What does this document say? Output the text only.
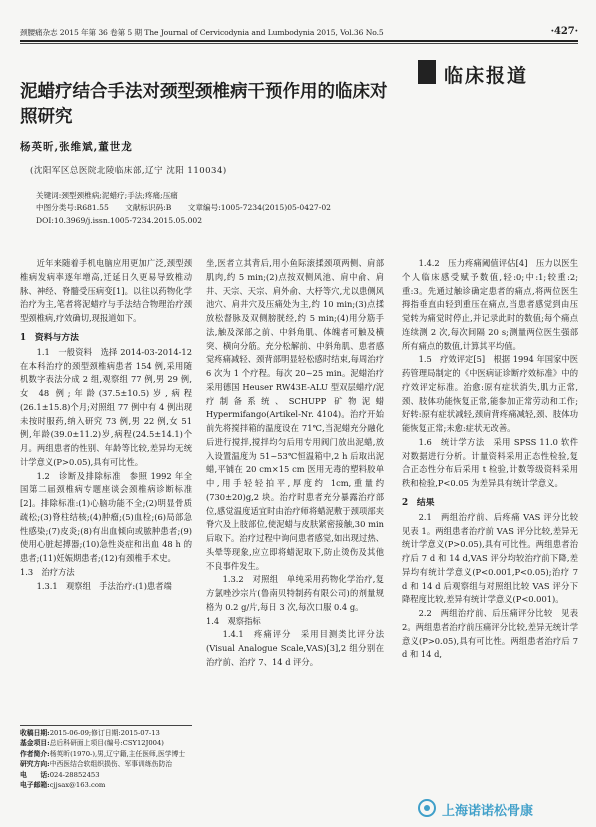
颈腰痛杂志 2015 年第 36 卷第 5 期 The Journal of Cervicodynia and Lumbodynia 2015, Vol.36 No.5	·427·
临床报道
泥蜡疗结合手法对颈型颈椎病干预作用的临床对照研究
杨英昕,张维斌,董世龙
(沈阳军区总医院北陵临床部,辽宁 沈阳 110034)
关键词:颈型颈椎病;泥蜡疗;手法;疼痛;压痛
中图分类号:R681.55 文献标识码:B 文章编号:1005-7234(2015)05-0427-02
DOI:10.3969/j.issn.1005-7234.2015.05.002

近年来随着手机电脑应用更加广泛,颈型颈椎病发病率逐年增高,迁延日久更易导致椎动脉、神经、脊髓受压病变[1]。以往以药物化学治疗为主,笔者将泥蜡疗与手法结合物理治疗颈型颈椎病,疗效确切,现报道如下。

1　资料与方法

1.1　一般资料　 选择 2014-03-2014-12 在本科治疗的颈型颈椎病患者 154 例,采用随机数字表法分成 2 组,观察组 77 例,男 29 例,女 48 例;年龄(37.5±10.5)岁,病程(26.1±15.8)个月;对照组 77 例中有 4 例出现未按时服药,纳入研究 73 例,男 22 例,女 51 例,年龄(39.0±11.2)岁,病程(24.5±14.1)个月。两组患者的性别、年龄等比较,差异均无统计学意义(P>0.05),具有可比性。

1.2　诊断及排除标准　 参照 1992 年全国第二届颈椎病专题座谈会颈椎病诊断标准[2]。排除标准:(1)心脑功能不全;(2)明显骨质疏松;(3)脊柱结核;(4)肿瘤;(5)血栓;(6)局部急性感染;(7)皮炎;(8)有出血倾向或脓肿患者;(9)使用心脏起搏器;(10)急性炎症和出血 48 h 的患者;(11)妊娠期患者;(12)有颈椎手术史。

1.3　治疗方法

1.3.1　观察组　手法治疗:(1)患者端

收稿日期:2015-06-09;修订日期:2015-07-13
基金项目:总后科研面上项目(编号:CSY12J004)
作者简介:杨英昕(1970-),男,辽宁籍,主任医师,医学博士
研究方向:中西医结合软组织损伤、军事训练伤防治
电　　 话:024-28852453
电子邮箱:cjjsax@163.com

坐,医者立其背后,用小鱼际滚揉颈项两侧、肩部肌肉,约 5 min;(2)点按双侧风池、肩中俞、肩井、天宗、天宗、肩外俞、大杼等穴,尤以患侧风池穴、肩井穴及压痛处为主,约 10 min;(3)点揉放松督脉及双侧膀胱经,约 5 min;(4)用分筋手法,触及深部之前、中斜角肌、体魄者可触及横突、横向分筋。充分松解前、中斜角肌、患者感觉疼痛减轻、颈背部明显轻松感时结束,每周治疗 6 次为 1 个疗程。每次 20~25 min。泥蜡治疗采用德国 Heuser RW43E-ALU 型双层蜡疗/泥疗制备系统、SCHUPP 矿物泥蜡 Hypermifango(Artikel-Nr. 4104)。治疗开始前先将搅拌箱的温度设在 71℃,当泥蜡充分融化后进行搅拌,搅拌均匀后用专用阀门放出泥蜡,放入设置温度为 51~53℃恒温箱中,2 h 后取出泥蜡,平铺在 20 cm×15 cm 医用无毒的塑料胶单中,用手轻轻拍平,厚度约 1cm,重量约(730±20)g,2 块。治疗时患者充分暴露治疗部位,感觉温度适宜时由治疗师将蜡泥敷于颈项部夹脊穴及上肢部位,使泥蜡与皮肤紧密接触,30 min 后取下。治疗过程中询问患者感觉,如出现过热、头晕等现象,应立即将蜡泥取下,防止烫伤及其他不良事件发生。

1.3.2　对照组　单纯采用药物化学治疗,复方氯唑沙宗片(鲁南贝特制药有限公司)的剂量规格为 0.2 g/片,每日 3 次,每次口服 0.4 g。

1.4　观察指标

1.4.1　疼痛评分　采用目测类比评分法(Visual Analogue Scale,VAS)[3],2 组分别在治疗前、治疗 7、14 d 评分。

1.4.2　压力疼痛阈值评估[4]　压力以医生个人临床感受赋予数值,轻:0;中:1;较重:2;重:3。先通过触诊确定患者的痛点,将两位医生拇指垂直由轻到重压在痛点,当患者感觉到由压觉转为痛觉时停止,并记录此时的数值;每个痛点连续测 2 次,每次间隔 20 s;测量两位医生强部所有痛点的数值,计算其平均值。

1.5　疗效评定[5]　 根据 1994 年国家中医药管理局制定的《中医病证诊断疗效标准》中的疗效评定标准。治愈:原有症状消失,肌力正常,颈、肢体功能恢复正常,能参加正常劳动和工作;好转:原有症状减轻,颈肩背疼痛减轻,颈、肢体功能恢复正常;未愈:症状无改善。

1.6　统计学方法　 采用 SPSS 11.0 软件对数据进行分析。计量资料采用正态性检验,复合正态性分布后采用 t 检验,计数等级资料采用秩和检验,P<0.05 为差异具有统计学意义。

2　结果

2.1　两组治疗前、后疼痛 VAS 评分比较　见表 1。两组患者治疗前 VAS 评分比较,差异无统计学意义(P>0.05),具有可比性。两组患者治疗后 7 d 和 14 d,VAS 评分均较治疗前下降,差异均有统计学意义(P<0.001,P<0.05);治疗 7 d 和 14 d 后观察组与对照组比较 VAS 评分下降程度比较,差异有统计学意义(P<0.001)。

2.2　两组治疗前、后压痛评分比较　见表 2。两组患者治疗前压痛评分比较,差异无统计学意义(P>0.05),具有可比性。两组患者治疗后 7 d 和 14 d,

上海诺诺松骨康
